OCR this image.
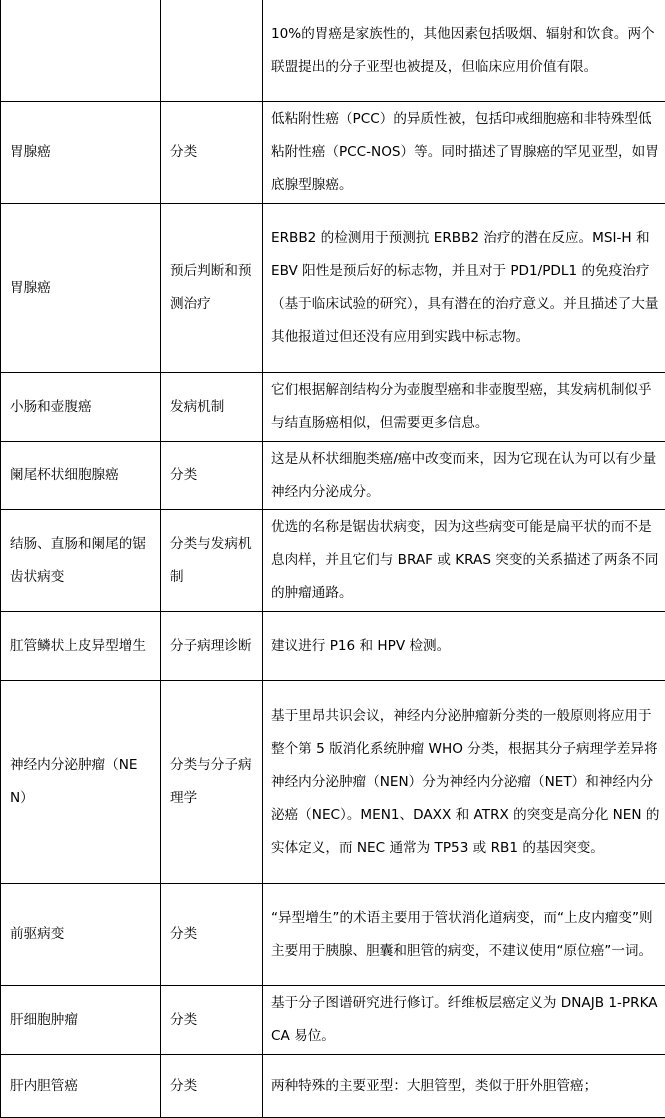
		10%的胃癌是家族性的，其他因素包括吸烟、辐射和饮食。两个联盟提出的分子亚型也被提及，但临床应用价值有限。
胃腺癌	分类	低粘附性癌（PCC）的异质性被，包括印戒细胞癌和非特殊型低粘附性癌（PCC-NOS）等。同时描述了胃腺癌的罕见亚型，如胃底腺型腺癌。
胃腺癌	预后判断和预测治疗	ERBB2 的检测用于预测抗 ERBB2 治疗的潜在反应。MSI-H 和 EBV 阳性是预后好的标志物，并且对于 PD1/PDL1 的免疫治疗（基于临床试验的研究），具有潜在的治疗意义。并且描述了大量其他报道过但还没有应用到实践中标志物。
小肠和壶腹癌	发病机制	它们根据解剖结构分为壶腹型癌和非壶腹型癌，其发病机制似乎与结直肠癌相似，但需要更多信息。
阑尾杯状细胞腺癌	分类	这是从杯状细胞类癌/癌中改变而来，因为它现在认为可以有少量神经内分泌成分。
结肠、直肠和阑尾的锯齿状病变	分类与发病机制	优选的名称是锯齿状病变，因为这些病变可能是扁平状的而不是息肉样，并且它们与 BRAF 或 KRAS 突变的关系描述了两条不同的肿瘤通路。
肛管鳞状上皮异型增生	分子病理诊断	建议进行 P16 和 HPV 检测。
神经内分泌肿瘤（NEN）	分类与分子病理学	基于里昂共识会议，神经内分泌肿瘤新分类的一般原则将应用于整个第 5 版消化系统肿瘤 WHO 分类，根据其分子病理学差异将神经内分泌肿瘤（NEN）分为神经内分泌瘤（NET）和神经内分泌癌（NEC）。MEN1、DAXX 和 ATRX 的突变是高分化 NEN 的实体定义，而 NEC 通常为 TP53 或 RB1 的基因突变。
前驱病变	分类	“异型增生”的术语主要用于管状消化道病变，而“上皮内瘤变”则主要用于胰腺、胆囊和胆管的病变，不建议使用“原位癌”一词。
肝细胞肿瘤	分类	基于分子图谱研究进行修订。纤维板层癌定义为 DNAJB 1-PRKACA 易位。
肝内胆管癌	分类	两种特殊的主要亚型：大胆管型，类似于肝外胆管癌；
